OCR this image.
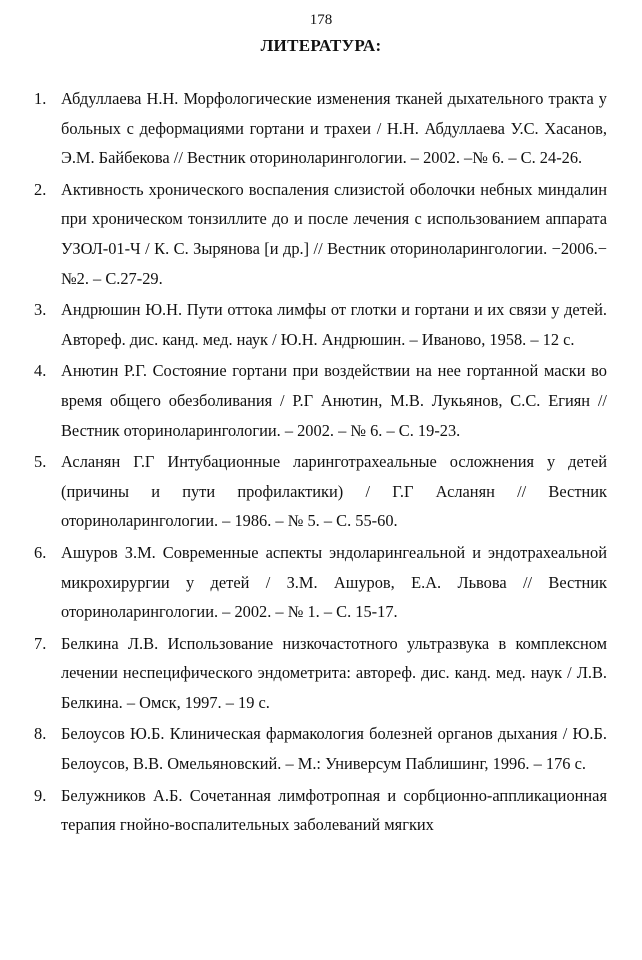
178
ЛИТЕРАТУРА:
1. Абдуллаева Н.Н. Морфологические изменения тканей дыхательного тракта у больных с деформациями гортани и трахеи / Н.Н. Абдуллаева У.С. Хасанов, Э.М. Байбекова // Вестник оториноларингологии. – 2002. –№ 6. – С. 24-26.
2. Активность хронического воспаления слизистой оболочки небных миндалин при хроническом тонзиллите до и после лечения с использованием аппарата УЗОЛ-01-Ч / К. С. Зырянова [и др.] // Вестник оториноларингологии. −2006.− №2. – С.27-29.
3. Андрюшин Ю.Н. Пути оттока лимфы от глотки и гортани и их связи у детей. Автореф. дис. канд. мед. наук / Ю.Н. Андрюшин. – Иваново, 1958. – 12 с.
4. Анютин Р.Г. Состояние гортани при воздействии на нее гортанной маски во время общего обезболивания / Р.Г Анютин, М.В. Лукьянов, С.С. Егиян // Вестник оториноларингологии. – 2002. – № 6. – С. 19-23.
5. Асланян Г.Г Интубационные ларинготрахеальные осложнения у детей (причины и пути профилактики) / Г.Г Асланян // Вестник оториноларингологии. – 1986. – № 5. – С. 55-60.
6. Ашуров З.М. Современные аспекты эндоларингеальной и эндотрахеальной микрохирургии у детей / З.М. Ашуров, Е.А. Львова // Вестник оториноларингологии. – 2002. – № 1. – С. 15-17.
7. Белкина Л.В. Использование низкочастотного ультразвука в комплексном лечении неспецифического эндометрита: автореф. дис. канд. мед. наук / Л.В. Белкина. – Омск, 1997. – 19 с.
8. Белоусов Ю.Б. Клиническая фармакология болезней органов дыхания / Ю.Б. Белоусов, В.В. Омельяновский. – М.: Универсум Паблишинг, 1996. – 176 с.
9. Белужников А.Б. Сочетанная лимфотропная и сорбционно-аппликационная терапия гнойно-воспалительных заболеваний мягких
